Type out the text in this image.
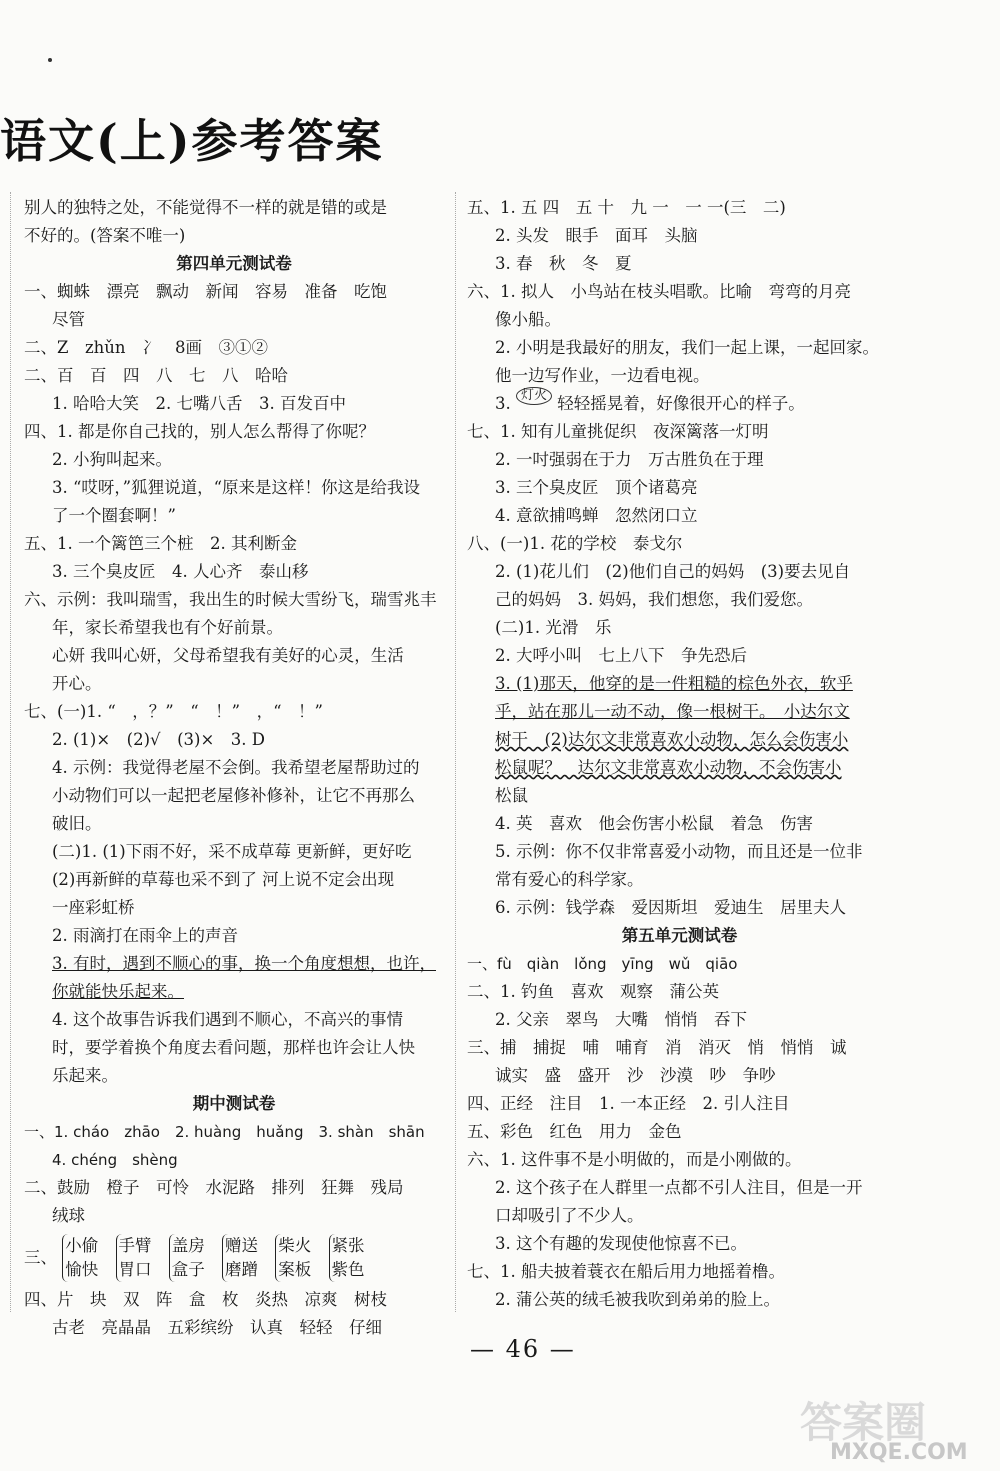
语文(上)参考答案
别人的独特之处，不能觉得不一样的就是错的或是
不好的。(答案不唯一)
第四单元测试卷
一、蜘蛛　漂亮　飘动　新闻　容易　准备　吃饱
尽管
二、Z　zhǔn　冫　8画　③①②
二、百　百　四　八　七　八　哈哈
1. 哈哈大笑　2. 七嘴八舌　3. 百发百中
四、1. 都是你自己找的，别人怎么帮得了你呢？
2. 小狗叫起来。
3. “哎呀，”狐狸说道，“原来是这样！你这是给我设
了一个圈套啊！”
五、1. 一个篱笆三个桩　2. 其利断金
3. 三个臭皮匠　4. 人心齐　泰山移
六、示例：我叫瑞雪，我出生的时候大雪纷飞，瑞雪兆丰
年，家长希望我也有个好前景。
心妍 我叫心妍，父母希望我有美好的心灵，生活
开心。
七、(一)1. “　，？”　“　！”　，“　！”
2. (1)×　(2)√　(3)×　3. D
4. 示例：我觉得老屋不会倒。我希望老屋帮助过的
小动物们可以一起把老屋修补修补，让它不再那么
破旧。
(二)1. (1)下雨不好，采不成草莓 更新鲜，更好吃
(2)再新鲜的草莓也采不到了 河上说不定会出现
一座彩虹桥
2. 雨滴打在雨伞上的声音
3. 有时，遇到不顺心的事，换一个角度想想，也许，
你就能快乐起来。
4. 这个故事告诉我们遇到不顺心，不高兴的事情
时，要学着换个角度去看问题，那样也许会让人快
乐起来。
期中测试卷
一、1. cháo　zhāo　2. huàng　huǎng　3. shàn　shān
4. chéng　shèng
二、鼓励　橙子　可怜　水泥路　排列　狂舞　残局
绒球
三、
小偷
愉快

手臂
胃口

盖房
盒子

赠送
磨蹭

柴火
案板

紧张
紫色
四、片　块　双　阵　盒　枚　炎热　凉爽　树枝
古老　亮晶晶　五彩缤纷　认真　轻轻　仔细
五、1. 五 四　五 十　九 一　一 一(三　二)
2. 头发　眼手　面耳　头脑
3. 春　秋　冬　夏
六、1. 拟人　小鸟站在枝头唱歌。比喻　弯弯的月亮
像小船。
2. 小明是我最好的朋友，我们一起上课，一起回家。
他一边写作业，一边看电视。
3. 灯火 轻轻摇晃着，好像很开心的样子。
七、1. 知有儿童挑促织　夜深篱落一灯明
2. 一吋强弱在于力　万古胜负在于理
3. 三个臭皮匠　顶个诸葛亮
4. 意欲捕鸣蝉　忽然闭口立
八、(一)1. 花的学校　泰戈尔
2. (1)花儿们　(2)他们自己的妈妈　(3)要去见自
己的妈妈　3. 妈妈，我们想您，我们爱您。
(二)1. 光滑　乐
2. 大呼小叫　七上八下　争先恐后
3. (1)那天，他穿的是一件粗糙的棕色外衣，软乎
乎，站在那儿一动不动，像一根树干。　小达尔文
树干　(2)达尔文非常喜欢小动物，怎么会伤害小
松鼠呢？　达尔文非常喜欢小动物，不会伤害小
松鼠
4. 英　喜欢　他会伤害小松鼠　着急　伤害
5. 示例：你不仅非常喜爱小动物，而且还是一位非
常有爱心的科学家。
6. 示例：钱学森　爱因斯坦　爱迪生　居里夫人
第五单元测试卷
一、fù　qiàn　lǒng　yīng　wǔ　qiāo
二、1. 钓鱼　喜欢　观察　蒲公英
2. 父亲　翠鸟　大嘴　悄悄　吞下
三、捕　捕捉　哺　哺育　消　消灭　悄　悄悄　诚
诚实　盛　盛开　沙　沙漠　吵　争吵
四、正经　注目　1. 一本正经　2. 引人注目
五、彩色　红色　用力　金色
六、1. 这件事不是小明做的，而是小刚做的。
2. 这个孩子在人群里一点都不引人注目，但是一开
口却吸引了不少人。
3. 这个有趣的发现使他惊喜不已。
七、1. 船夫披着蓑衣在船后用力地摇着橹。
2. 蒲公英的绒毛被我吹到弟弟的脸上。
— 46 —
答案圈
MXQE.COM
